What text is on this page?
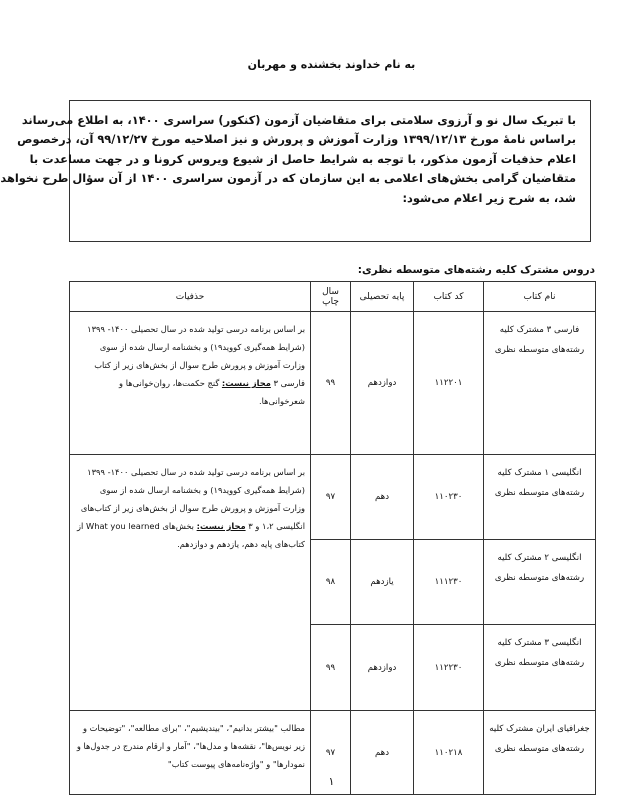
به نام خداوند بخشنده و مهربان
با تبریک سال نو و آرزوی سلامتی برای متقاضیان آزمون (کنکور) سراسری ۱۴۰۰، به اطلاع می‌رساند
براساس نامهٔ مورخ ۱۳۹۹/۱۲/۱۳ وزارت آموزش و پرورش و نیز اصلاحیه مورخ ۹۹/۱۲/۲۷ آن، درخصوص
اعلام حذفیات آزمون مذکور، با توجه به شرایط حاصل از شیوع ویروس کرونا و در جهت مساعدت با
متقاضیان گرامی بخش‌های اعلامی به این سازمان که در آزمون سراسری ۱۴۰۰ از آن سؤال طرح نخواهد
شد، به شرح زیر اعلام می‌شود:
دروس مشترک کلیه رشته‌های متوسطه نظری:
نام کتاب	کد کتاب	پایه تحصیلی	سال چاپ	حذفیات
فارسی ۳ مشترک کلیه رشته‌های متوسطه نظری	۱۱۲۲۰۱	دوازدهم	۹۹	بر اساس برنامه درسی تولید شده در سال تحصیلی ۱۴۰۰- ۱۳۹۹ (شرایط همه‌گیری کووید۱۹) و بخشنامه ارسال شده از سوی وزارت آموزش و پرورش طرح سوال از بخش‌های زیر از کتاب فارسی ۳ مجاز نیست: گنج حکمت‌ها، روان‌خوانی‌ها و شعرخوانی‌ها.
انگلیسی ۱ مشترک کلیه رشته‌های متوسطه نظری	۱۱۰۲۳۰	دهم	۹۷	بر اساس برنامه درسی تولید شده در سال تحصیلی ۱۴۰۰- ۱۳۹۹ (شرایط همه‌گیری کووید۱۹) و بخشنامه ارسال شده از سوی وزارت آموزش و پرورش طرح سوال از بخش‌های زیر از کتاب‌های انگلیسی ۱،۲ و ۳ مجاز نیست: بخش‌های What you learned از کتاب‌های پایه دهم، یازدهم و دوازدهم.
انگلیسی ۲ مشترک کلیه رشته‌های متوسطه نظری	۱۱۱۲۳۰	یازدهم	۹۸	
انگلیسی ۳ مشترک کلیه رشته‌های متوسطه نظری	۱۱۲۲۳۰	دوازدهم	۹۹	
جغرافیای ایران مشترک کلیه رشته‌های متوسطه نظری	۱۱۰۲۱۸	دهم	۹۷	مطالب "بیشتر بدانیم"، "بیندیشیم"، "برای مطالعه"، "توضیحات و زیر نویس‌ها"، نقشه‌ها و مدل‌ها"، "آمار و ارقام مندرج در جدول‌ها و نمودارها" و "واژه‌نامه‌های پیوست کتاب"
۱
